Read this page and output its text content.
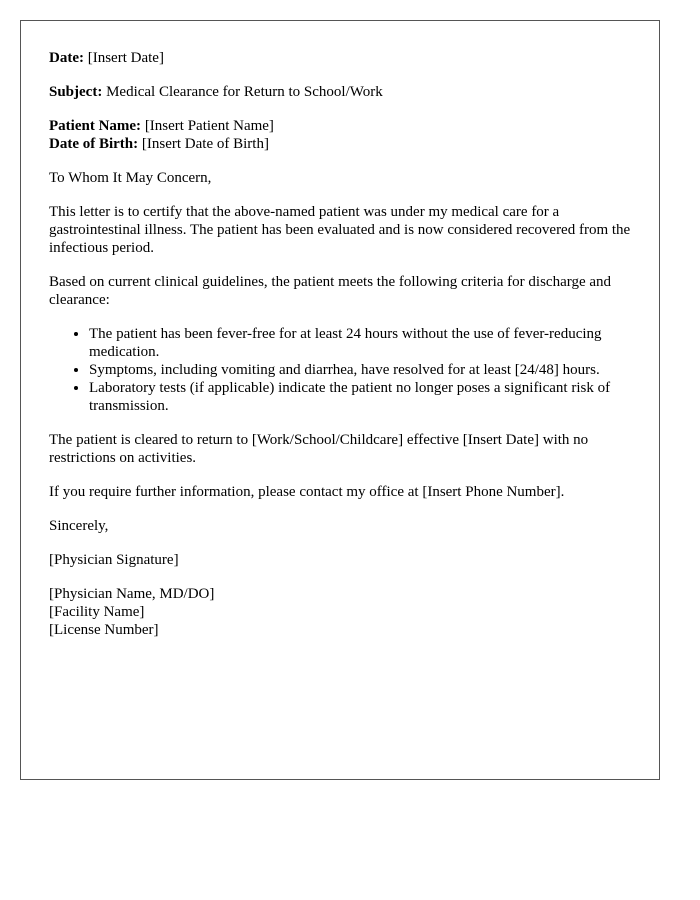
Date: [Insert Date]

Subject: Medical Clearance for Return to School/Work

Patient Name: [Insert Patient Name]

Date of Birth: [Insert Date of Birth]

To Whom It May Concern,

This letter is to certify that the above-named patient was under my medical care for a gastrointestinal illness. The patient has been evaluated and is now considered recovered from the infectious period.

Based on current clinical guidelines, the patient meets the following criteria for discharge and clearance:

• The patient has been fever-free for at least 24 hours without the use of fever-reducing medication.
• Symptoms, including vomiting and diarrhea, have resolved for at least [24/48] hours.
• Laboratory tests (if applicable) indicate the patient no longer poses a significant risk of transmission.

The patient is cleared to return to [Work/School/Childcare] effective [Insert Date] with no restrictions on activities.

If you require further information, please contact my office at [Insert Phone Number].

Sincerely,

[Physician Signature]

[Physician Name, MD/DO]
[Facility Name]
[License Number]
